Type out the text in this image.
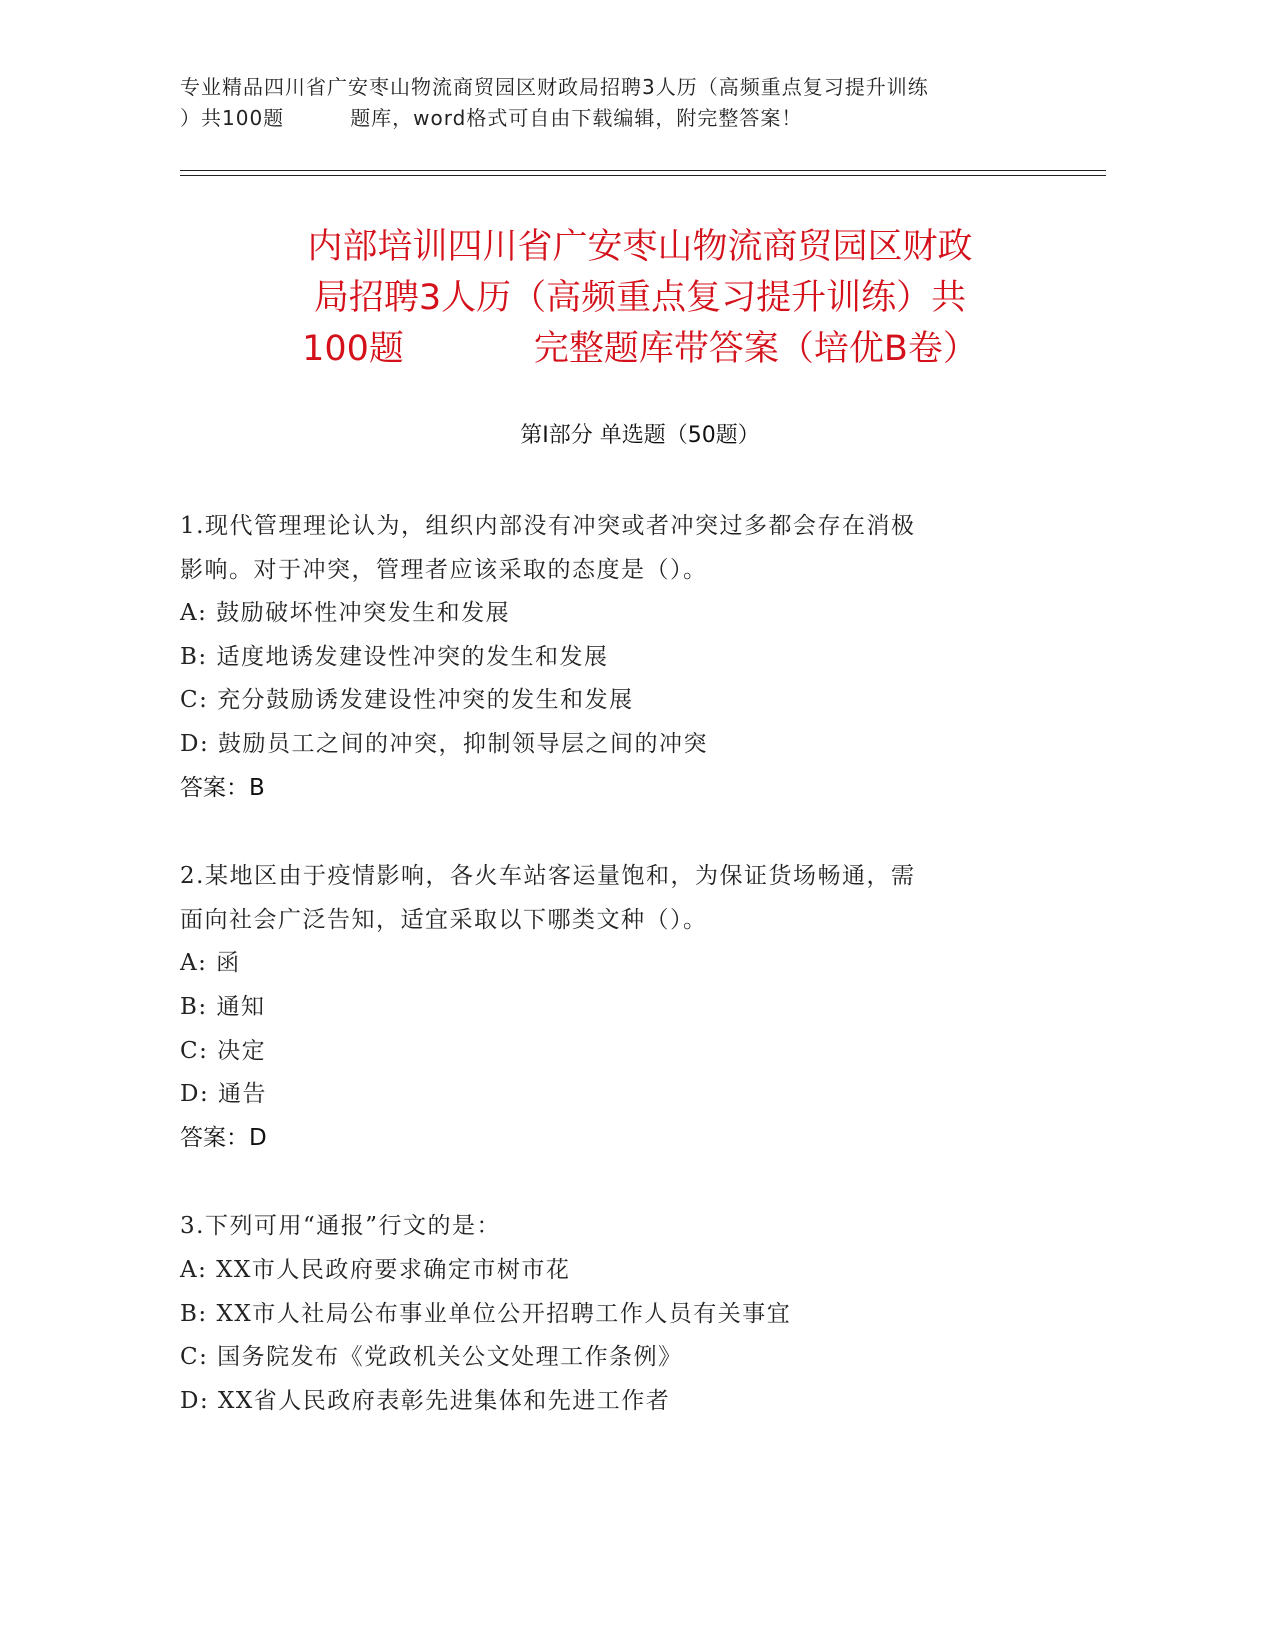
专业精品四川省广安枣山物流商贸园区财政局招聘3人历（高频重点复习提升训练
）共100题	题库，word格式可自由下载编辑，附完整答案！
内部培训四川省广安枣山物流商贸园区财政
局招聘3人历（高频重点复习提升训练）共
100题	完整题库带答案（培优B卷）
第I部分 单选题（50题）
1.现代管理理论认为，组织内部没有冲突或者冲突过多都会存在消极
影响。对于冲突，管理者应该采取的态度是（）。
A: 鼓励破坏性冲突发生和发展
B: 适度地诱发建设性冲突的发生和发展
C: 充分鼓励诱发建设性冲突的发生和发展
D: 鼓励员工之间的冲突，抑制领导层之间的冲突
答案：B
2.某地区由于疫情影响，各火车站客运量饱和，为保证货场畅通，需
面向社会广泛告知，适宜采取以下哪类文种（）。
A: 函
B: 通知
C: 决定
D: 通告
答案：D
3.下列可用“通报”行文的是：
A: XX市人民政府要求确定市树市花
B: XX市人社局公布事业单位公开招聘工作人员有关事宜
C: 国务院发布《党政机关公文处理工作条例》
D: XX省人民政府表彰先进集体和先进工作者
